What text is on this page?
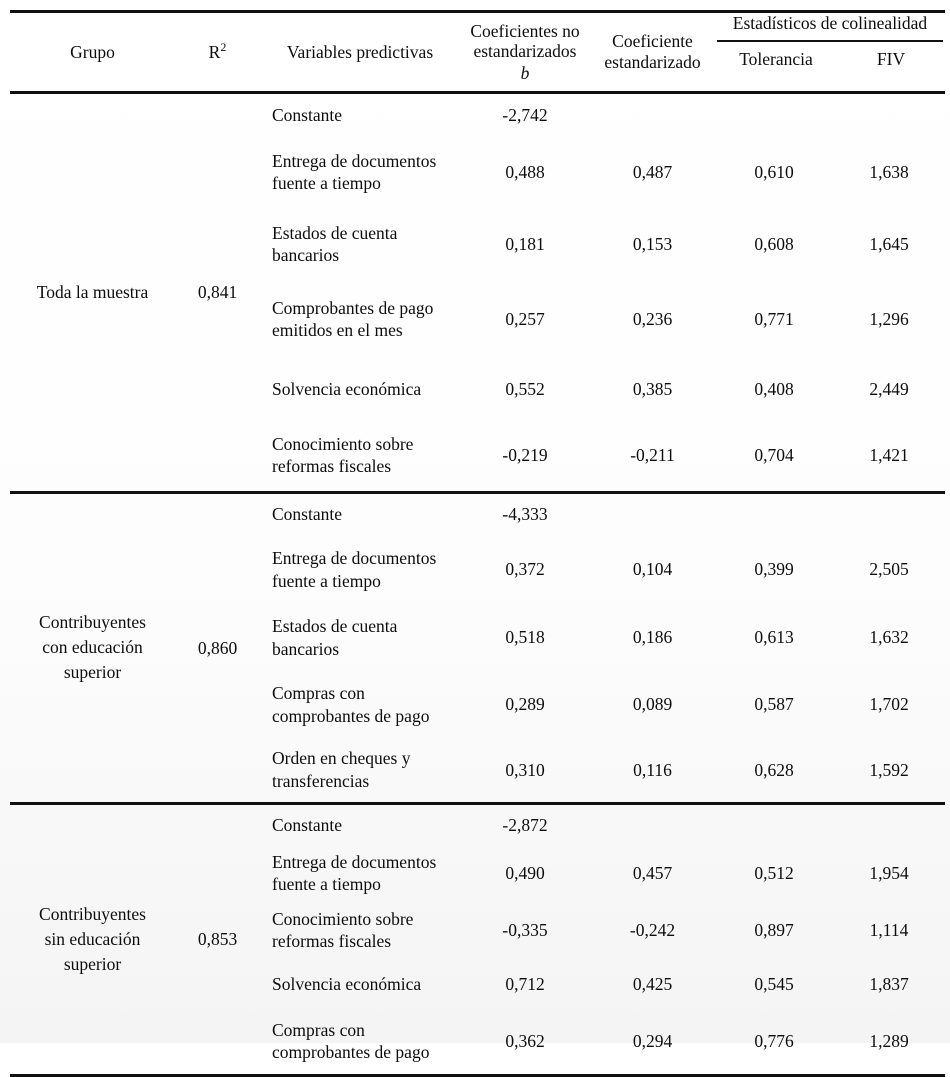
Grupo	$R^2$	Variables predictivas	Coeficientes no
estandarizados
b	Coeficiente
estandarizado	Estadísticos de colinealidad
Tolerancia FIV	

Toda la muestra	0,841	Constante	-2,742			

		Entrega de documentos
fuente a tiempo	0,488	0,487	0,610	1,638

		Estados de cuenta
bancarios	0,181	0,153	0,608	1,645

		Comprobantes de pago
emitidos en el mes	0,257	0,236	0,771	1,296

		Solvencia económica	0,552	0,385	0,408	2,449

		Conocimiento sobre
reformas fiscales	-0,219	-0,211	0,704	1,421

Contribuyentes
con educación
superior	0,860	Constante	-4,333			

		Entrega de documentos
fuente a tiempo	0,372	0,104	0,399	2,505

		Estados de cuenta
bancarios	0,518	0,186	0,613	1,632

		Compras con
comprobantes de pago	0,289	0,089	0,587	1,702

		Orden en cheques y
transferencias	0,310	0,116	0,628	1,592

Contribuyentes
sin educación
superior	0,853	Constante	-2,872			

		Entrega de documentos
fuente a tiempo	0,490	0,457	0,512	1,954

		Conocimiento sobre
reformas fiscales	-0,335	-0,242	0,897	1,114

		Solvencia económica	0,712	0,425	0,545	1,837

		Compras con
comprobantes de pago	0,362	0,294	0,776	1,289
